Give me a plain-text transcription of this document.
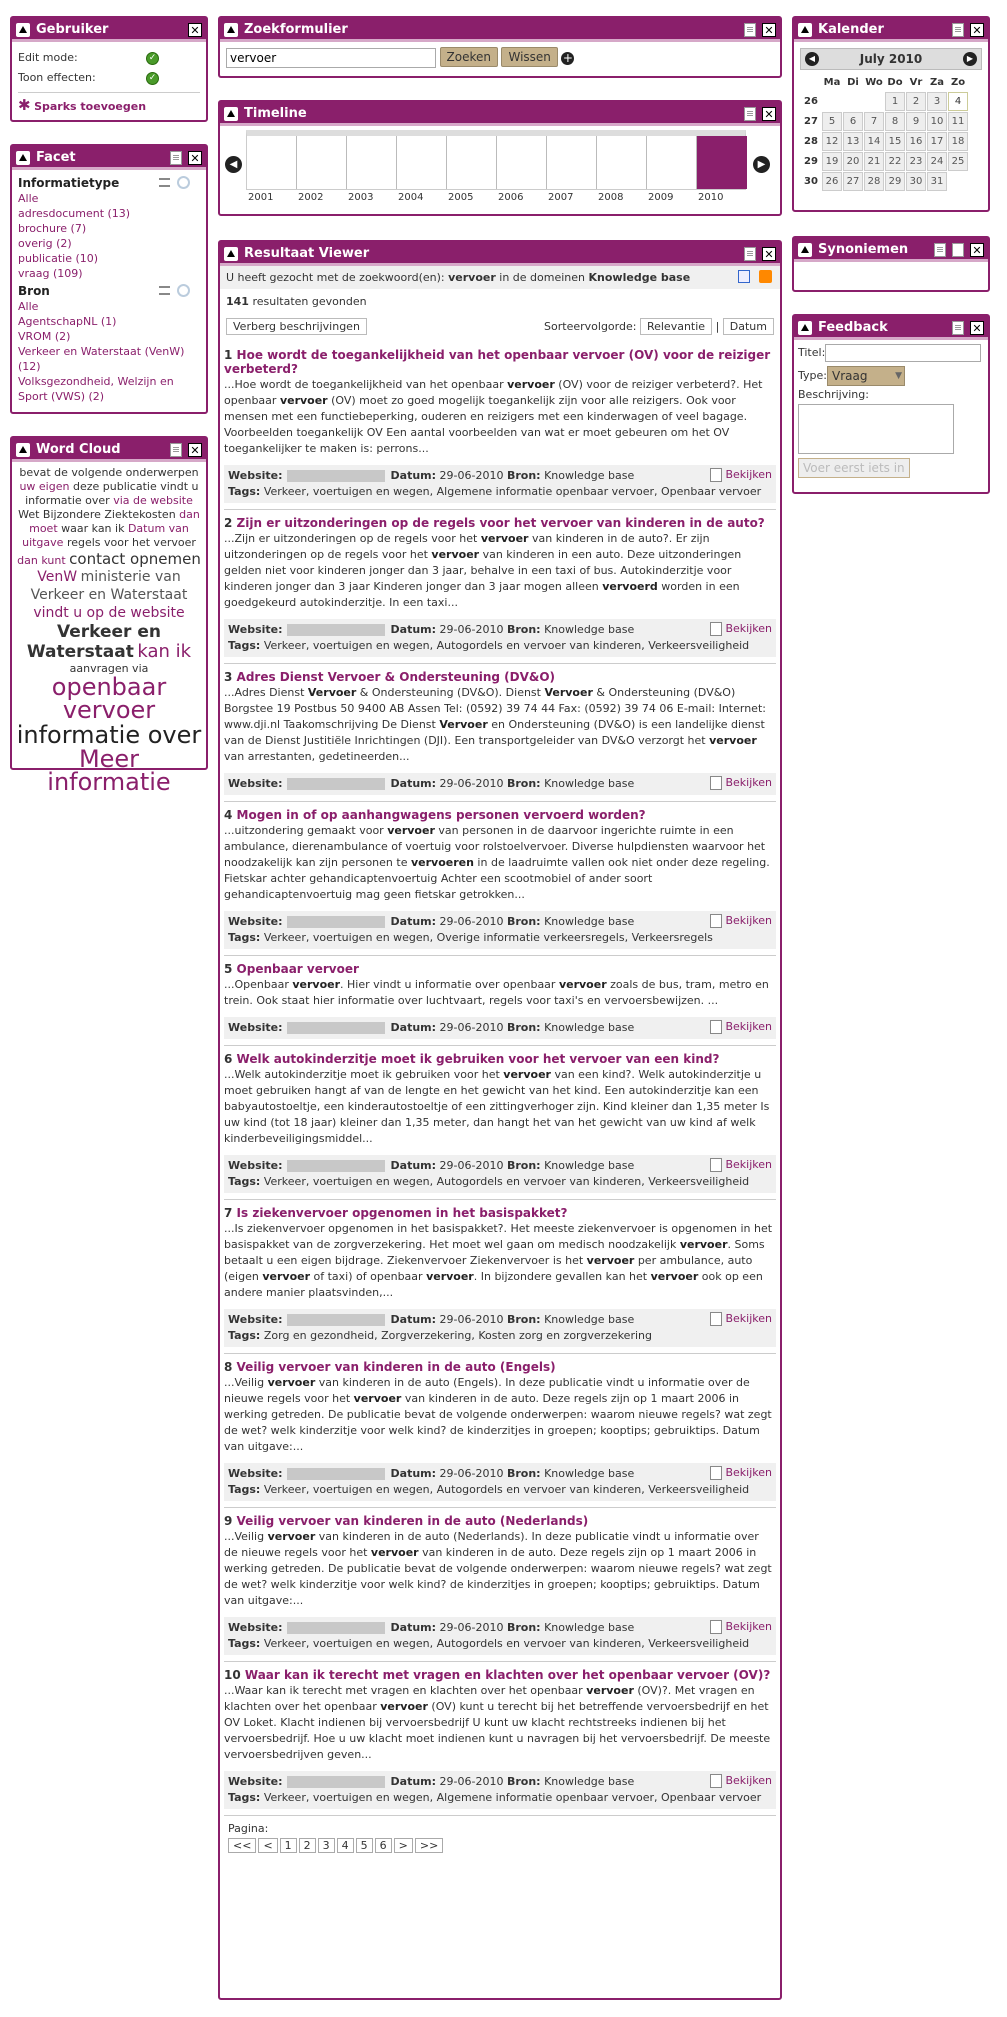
Gebruiker	✕
Edit mode:	✓
Toon effecten:	✓
✱ Sparks toevoegen
Facet	✕
Informatietype
Alle
adresdocument (13)
brochure (7)
overig (2)
publicatie (10)
vraag (109)
Bron
Alle
AgentschapNL (1)
VROM (2)
Verkeer en Waterstaat (VenW) (12)
Volksgezondheid, Welzijn en Sport (VWS) (2)
Word Cloud	✕
bevat de volgende onderwerpen uw eigen deze publicatie vindt u informatie over via de website Wet Bijzondere Ziektekosten dan moet waar kan ik Datum van uitgave regels voor het vervoer dan kunt contact opnemen VenW ministerie van Verkeer en Waterstaat vindt u op de website Verkeer en Waterstaat kan ik aanvragen via openbaar vervoer informatie over Meer informatie
Zoekformulier	✕
vervoer Zoeken Wissen +
Timeline	✕
◀	▶
2001 2002 2003 2004 2005 2006 2007 2008 2009 2010
Resultaat Viewer	✕
U heeft gezocht met de zoekwoord(en): vervoer in de domeinen Knowledge base
141 resultaten gevonden
Verberg beschrijvingen	Sorteervolgorde: Relevantie | Datum
1 Hoe wordt de toegankelijkheid van het openbaar vervoer (OV) voor de reiziger verbeterd?
...Hoe wordt de toegankelijkheid van het openbaar vervoer (OV) voor de reiziger verbeterd?. Het openbaar vervoer (OV) moet zo goed mogelijk toegankelijk zijn voor alle reizigers. Ook voor mensen met een functiebeperking, ouderen en reizigers met een kinderwagen of veel bagage. Voorbeelden toegankelijk OV Een aantal voorbeelden van wat er moet gebeuren om het OV toegankelijker te maken is: perrons...
Website:	Datum: 29-06-2010 Bron: Knowledge base	Bekijken
Tags: Verkeer, voertuigen en wegen, Algemene informatie openbaar vervoer, Openbaar vervoer
2 Zijn er uitzonderingen op de regels voor het vervoer van kinderen in de auto?
...Zijn er uitzonderingen op de regels voor het vervoer van kinderen in de auto?. Er zijn uitzonderingen op de regels voor het vervoer van kinderen in een auto. Deze uitzonderingen gelden niet voor kinderen jonger dan 3 jaar, behalve in een taxi of bus. Autokinderzitje voor kinderen jonger dan 3 jaar Kinderen jonger dan 3 jaar mogen alleen vervoerd worden in een goedgekeurd autokinderzitje. In een taxi...
Website:	Datum: 29-06-2010 Bron: Knowledge base	Bekijken
Tags: Verkeer, voertuigen en wegen, Autogordels en vervoer van kinderen, Verkeersveiligheid
3 Adres Dienst Vervoer & Ondersteuning (DV&O)
...Adres Dienst Vervoer & Ondersteuning (DV&O). Dienst Vervoer & Ondersteuning (DV&O) Borgstee 19 Postbus 50 9400 AB Assen Tel: (0592) 39 74 44 Fax: (0592) 39 74 06 E-mail: Internet: www.dji.nl Taakomschrijving De Dienst Vervoer en Ondersteuning (DV&O) is een landelijke dienst van de Dienst Justitiële Inrichtingen (DJI). Een transportgeleider van DV&O verzorgt het vervoer van arrestanten, gedetineerden...
Website:	Datum: 29-06-2010 Bron: Knowledge base	Bekijken
4 Mogen in of op aanhangwagens personen vervoerd worden?
...uitzondering gemaakt voor vervoer van personen in de daarvoor ingerichte ruimte in een ambulance, dierenambulance of voertuig voor rolstoelvervoer. Diverse hulpdiensten waarvoor het noodzakelijk kan zijn personen te vervoeren in de laadruimte vallen ook niet onder deze regeling. Fietskar achter gehandicaptenvoertuig Achter een scootmobiel of ander soort gehandicaptenvoertuig mag geen fietskar getrokken...
Website:	Datum: 29-06-2010 Bron: Knowledge base	Bekijken
Tags: Verkeer, voertuigen en wegen, Overige informatie verkeersregels, Verkeersregels
5 Openbaar vervoer
...Openbaar vervoer. Hier vindt u informatie over openbaar vervoer zoals de bus, tram, metro en trein. Ook staat hier informatie over luchtvaart, regels voor taxi's en vervoersbewijzen. ...
Website:	Datum: 29-06-2010 Bron: Knowledge base	Bekijken
6 Welk autokinderzitje moet ik gebruiken voor het vervoer van een kind?
...Welk autokinderzitje moet ik gebruiken voor het vervoer van een kind?. Welk autokinderzitje u moet gebruiken hangt af van de lengte en het gewicht van het kind. Een autokinderzitje kan een babyautostoeltje, een kinderautostoeltje of een zittingverhoger zijn. Kind kleiner dan 1,35 meter Is uw kind (tot 18 jaar) kleiner dan 1,35 meter, dan hangt het van het gewicht van uw kind af welk kinderbeveiligingsmiddel...
Website:	Datum: 29-06-2010 Bron: Knowledge base	Bekijken
Tags: Verkeer, voertuigen en wegen, Autogordels en vervoer van kinderen, Verkeersveiligheid
7 Is ziekenvervoer opgenomen in het basispakket?
...Is ziekenvervoer opgenomen in het basispakket?. Het meeste ziekenvervoer is opgenomen in het basispakket van de zorgverzekering. Het moet wel gaan om medisch noodzakelijk vervoer. Soms betaalt u een eigen bijdrage. Ziekenvervoer Ziekenvervoer is het vervoer per ambulance, auto (eigen vervoer of taxi) of openbaar vervoer. In bijzondere gevallen kan het vervoer ook op een andere manier plaatsvinden,...
Website:	Datum: 29-06-2010 Bron: Knowledge base	Bekijken
Tags: Zorg en gezondheid, Zorgverzekering, Kosten zorg en zorgverzekering
8 Veilig vervoer van kinderen in de auto (Engels)
...Veilig vervoer van kinderen in de auto (Engels). In deze publicatie vindt u informatie over de nieuwe regels voor het vervoer van kinderen in de auto. Deze regels zijn op 1 maart 2006 in werking getreden. De publicatie bevat de volgende onderwerpen: waarom nieuwe regels? wat zegt de wet? welk kinderzitje voor welk kind? de kinderzitjes in groepen; kooptips; gebruiktips. Datum van uitgave:...
Website:	Datum: 29-06-2010 Bron: Knowledge base	Bekijken
Tags: Verkeer, voertuigen en wegen, Autogordels en vervoer van kinderen, Verkeersveiligheid
9 Veilig vervoer van kinderen in de auto (Nederlands)
...Veilig vervoer van kinderen in de auto (Nederlands). In deze publicatie vindt u informatie over de nieuwe regels voor het vervoer van kinderen in de auto. Deze regels zijn op 1 maart 2006 in werking getreden. De publicatie bevat de volgende onderwerpen: waarom nieuwe regels? wat zegt de wet? welk kinderzitje voor welk kind? de kinderzitjes in groepen; kooptips; gebruiktips. Datum van uitgave:...
Website:	Datum: 29-06-2010 Bron: Knowledge base	Bekijken
Tags: Verkeer, voertuigen en wegen, Autogordels en vervoer van kinderen, Verkeersveiligheid
10 Waar kan ik terecht met vragen en klachten over het openbaar vervoer (OV)?
...Waar kan ik terecht met vragen en klachten over het openbaar vervoer (OV)?. Met vragen en klachten over het openbaar vervoer (OV) kunt u terecht bij het betreffende vervoersbedrijf en het OV Loket. Klacht indienen bij vervoersbedrijf U kunt uw klacht rechtstreeks indienen bij het vervoersbedrijf. Hoe u uw klacht moet indienen kunt u navragen bij het vervoersbedrijf. De meeste vervoersbedrijven geven...
Website:	Datum: 29-06-2010 Bron: Knowledge base	Bekijken
Tags: Verkeer, voertuigen en wegen, Algemene informatie openbaar vervoer, Openbaar vervoer
Pagina:
<< < 1 2 3 4 5 6 > >>
Kalender	✕
◀	July 2010	▶
	Ma	Di	Wo	Do	Vr	Za	Zo
26				1	2	3	4
27	5	6	7	8	9	10	11
28	12	13	14	15	16	17	18
29	19	20	21	22	23	24	25
30	26	27	28	29	30	31	
Synoniemen	✕
Feedback	✕
Titel:
Type: Vraag	▼
Beschrijving:
Voer eerst iets in
